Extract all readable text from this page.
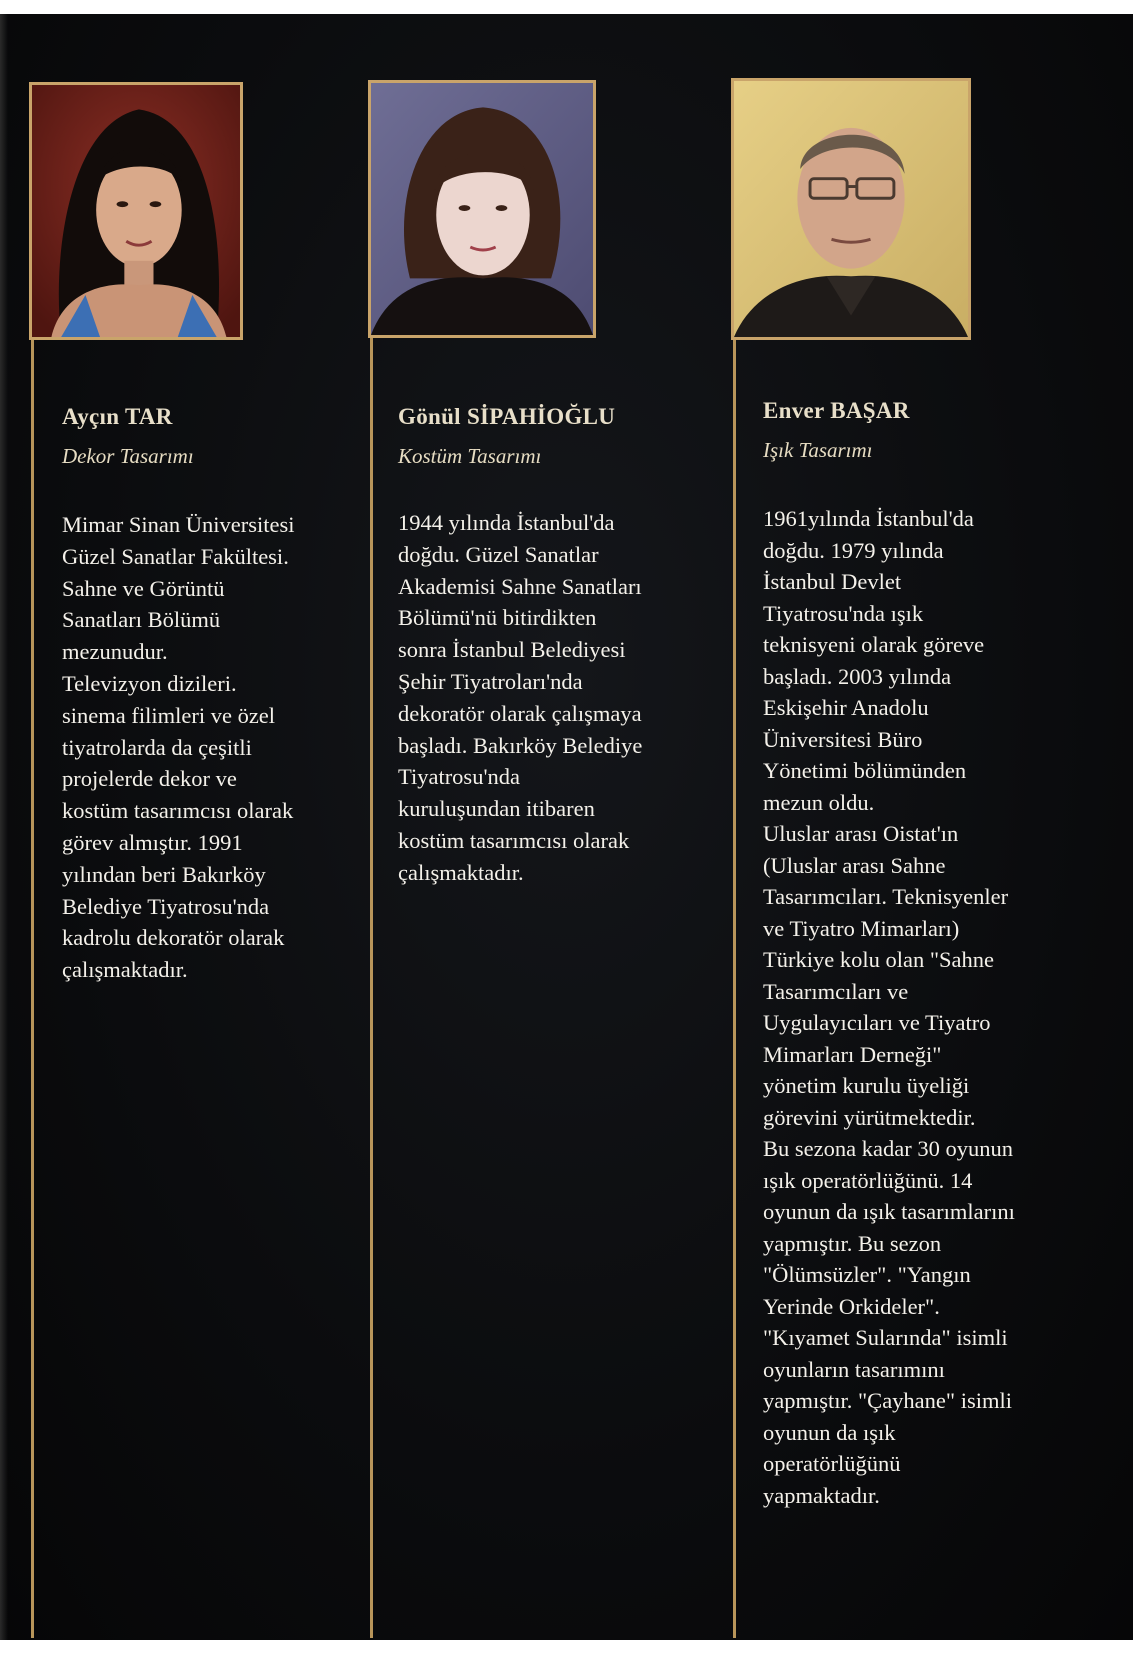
Ayçın TAR
Dekor Tasarımı
Mimar Sinan Üniversitesi
Güzel Sanatlar Fakültesi.
Sahne ve Görüntü
Sanatları Bölümü
mezunudur.
Televizyon dizileri.
sinema filimleri ve özel
tiyatrolarda da çeşitli
projelerde dekor ve
kostüm tasarımcısı olarak
görev almıştır. 1991
yılından beri Bakırköy
Belediye Tiyatrosu'nda
kadrolu dekoratör olarak
çalışmaktadır.
Gönül SİPAHİOĞLU
Kostüm Tasarımı
1944 yılında İstanbul'da
doğdu. Güzel Sanatlar
Akademisi Sahne Sanatları
Bölümü'nü bitirdikten
sonra İstanbul Belediyesi
Şehir Tiyatroları'nda
dekoratör olarak çalışmaya
başladı. Bakırköy Belediye
Tiyatrosu'nda
kuruluşundan itibaren
kostüm tasarımcısı olarak
çalışmaktadır.
Enver BAŞAR
Işık Tasarımı
1961yılında İstanbul'da
doğdu. 1979 yılında
İstanbul Devlet
Tiyatrosu'nda ışık
teknisyeni olarak göreve
başladı. 2003 yılında
Eskişehir Anadolu
Üniversitesi Büro
Yönetimi bölümünden
mezun oldu.
Uluslar arası Oistat'ın
(Uluslar arası Sahne
Tasarımcıları. Teknisyenler
ve Tiyatro Mimarları)
Türkiye kolu olan "Sahne
Tasarımcıları ve
Uygulayıcıları ve Tiyatro
Mimarları Derneği"
yönetim kurulu üyeliği
görevini yürütmektedir.
Bu sezona kadar 30 oyunun
ışık operatörlüğünü. 14
oyunun da ışık tasarımlarını
yapmıştır. Bu sezon
"Ölümsüzler". "Yangın
Yerinde Orkideler".
"Kıyamet Sularında" isimli
oyunların tasarımını
yapmıştır. "Çayhane" isimli
oyunun da ışık
operatörlüğünü
yapmaktadır.
